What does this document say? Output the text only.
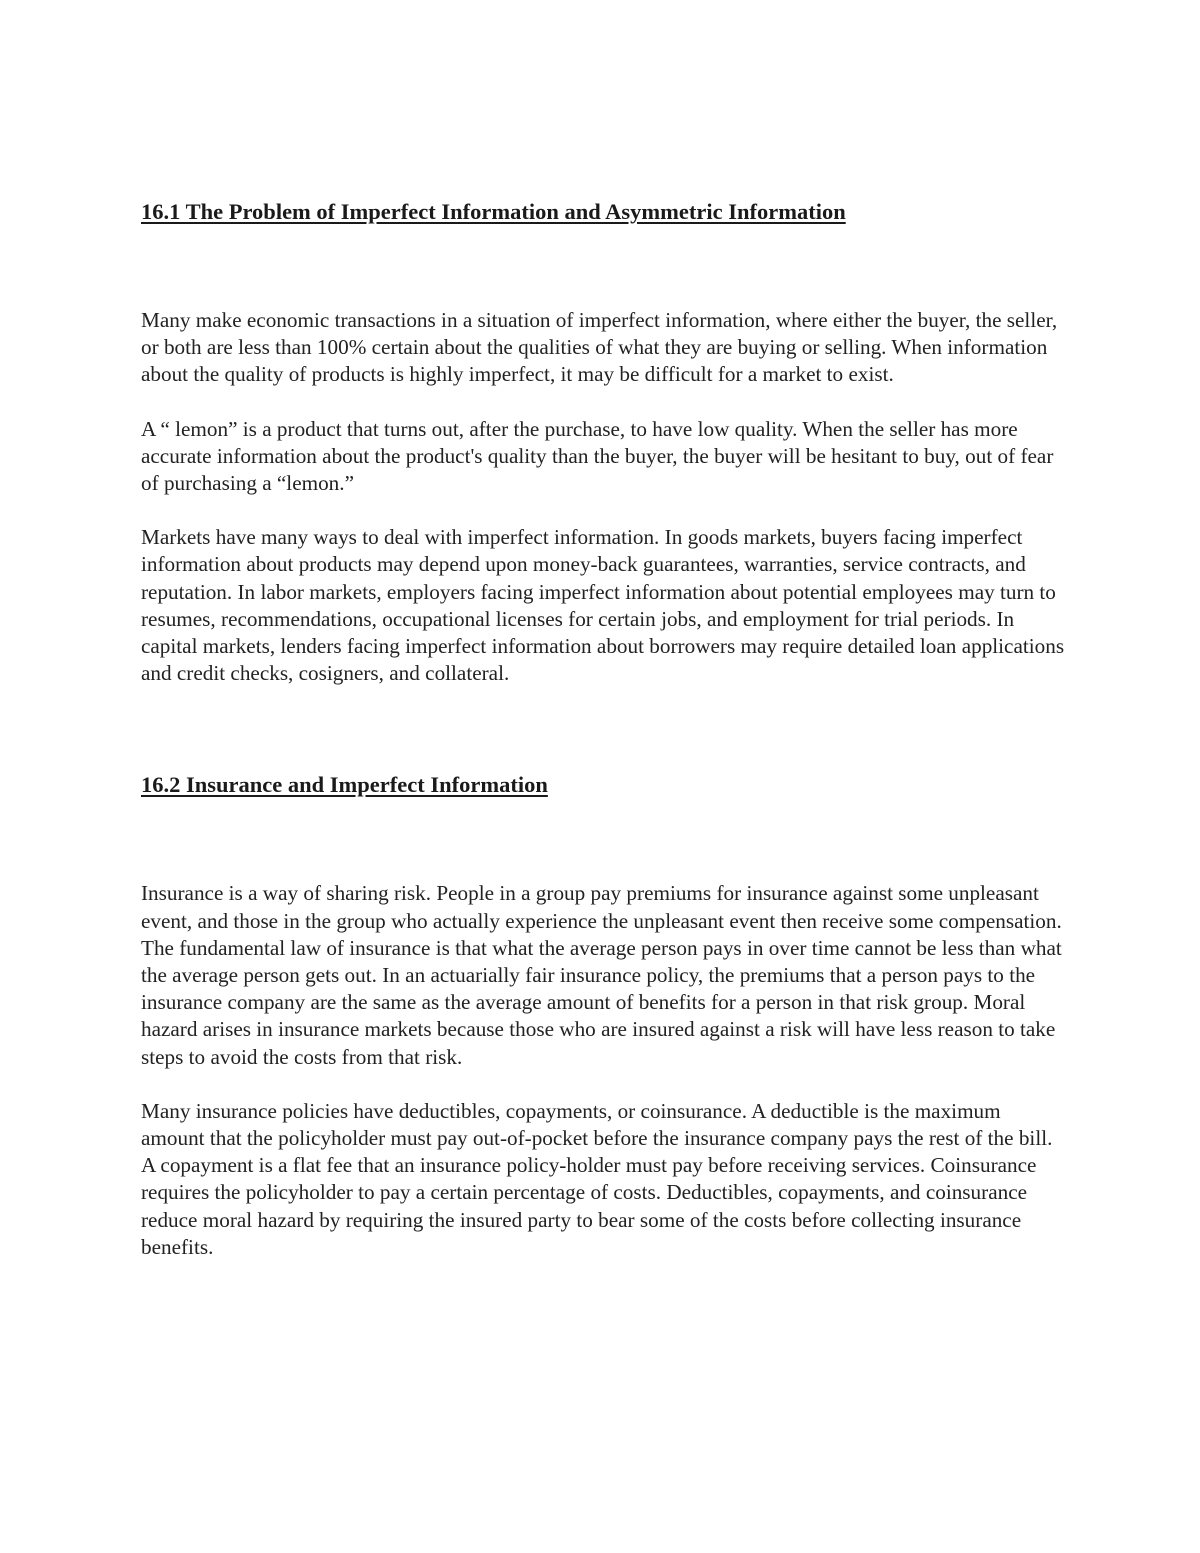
16.1 The Problem of Imperfect Information and Asymmetric Information

Many make economic transactions in a situation of imperfect information, where either the buyer, the seller, or both are less than 100% certain about the qualities of what they are buying or selling. When information about the quality of products is highly imperfect, it may be difficult for a market to exist.

A “ lemon” is a product that turns out, after the purchase, to have low quality. When the seller has more accurate information about the product's quality than the buyer, the buyer will be hesitant to buy, out of fear of purchasing a “lemon.”

Markets have many ways to deal with imperfect information. In goods markets, buyers facing imperfect information about products may depend upon money-back guarantees, warranties, service contracts, and reputation. In labor markets, employers facing imperfect information about potential employees may turn to resumes, recommendations, occupational licenses for certain jobs, and employment for trial periods. In capital markets, lenders facing imperfect information about borrowers may require detailed loan applications and credit checks, cosigners, and collateral.

16.2 Insurance and Imperfect Information

Insurance is a way of sharing risk. People in a group pay premiums for insurance against some unpleasant event, and those in the group who actually experience the unpleasant event then receive some compensation. The fundamental law of insurance is that what the average person pays in over time cannot be less than what the average person gets out. In an actuarially fair insurance policy, the premiums that a person pays to the insurance company are the same as the average amount of benefits for a person in that risk group. Moral hazard arises in insurance markets because those who are insured against a risk will have less reason to take steps to avoid the costs from that risk.

Many insurance policies have deductibles, copayments, or coinsurance. A deductible is the maximum amount that the policyholder must pay out-of-pocket before the insurance company pays the rest of the bill. A copayment is a flat fee that an insurance policy-holder must pay before receiving services. Coinsurance requires the policyholder to pay a certain percentage of costs. Deductibles, copayments, and coinsurance reduce moral hazard by requiring the insured party to bear some of the costs before collecting insurance benefits.
